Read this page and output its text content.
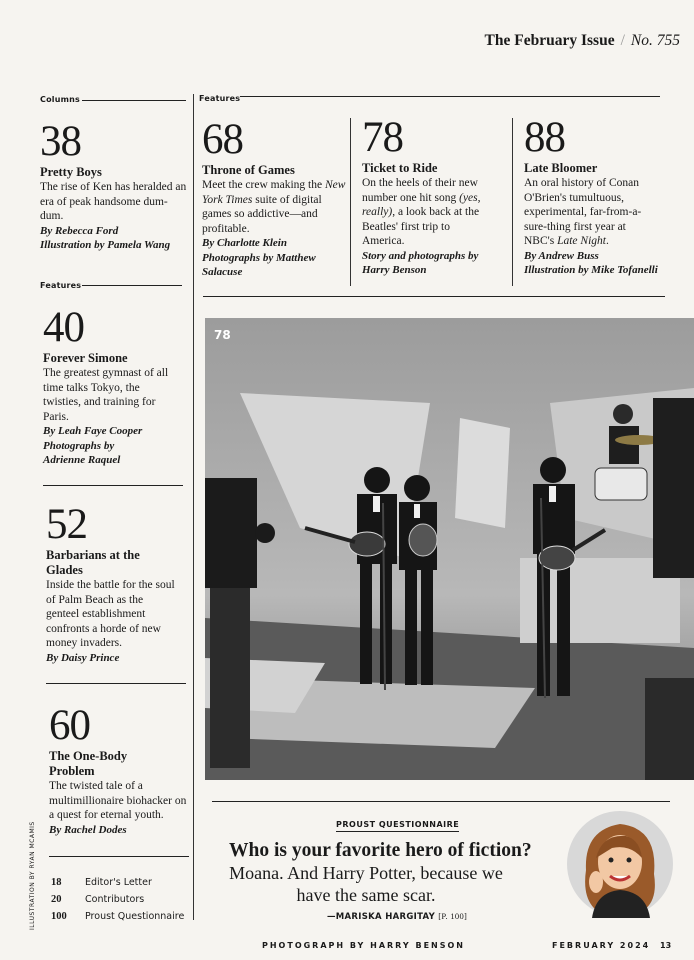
The February Issue / No. 755
Columns	Features
38
Pretty Boys
The rise of Ken has heralded an era of peak handsome dum-dum.
By Rebecca Ford
Illustration by Pamela Wang
Features
40
Forever Simone
The greatest gymnast of all time talks Tokyo, the twisties, and training for Paris.
By Leah Faye Cooper
Photographs by Adrienne Raquel
52
Barbarians at the Glades
Inside the battle for the soul of Palm Beach as the genteel establishment confronts a horde of new money invaders.
By Daisy Prince
60
The One-Body Problem
The twisted tale of a multimillionaire biohacker on a quest for eternal youth.
By Rachel Dodes
68
Throne of Games
Meet the crew making the New York Times suite of digital games so addictive—and profitable.
By Charlotte Klein
Photographs by Matthew Salacuse
78
Ticket to Ride
On the heels of their new number one hit song (yes, really), a look back at the Beatles' first trip to America.
Story and photographs by Harry Benson
88
Late Bloomer
An oral history of Conan O'Brien's tumultuous, experimental, far-from-a-sure-thing first year at NBC's Late Night.
By Andrew Buss
Illustration by Mike Tofanelli
78
PROUST QUESTIONNAIRE
Who is your favorite hero of fiction?
Moana. And Harry Potter, because we have the same scar.
—MARISKA HARGITAY [P. 100]
18 Editor's Letter
20 Contributors
100 Proust Questionnaire
ILLUSTRATION BY RYAN MCAMIS
PHOTOGRAPH BY HARRY BENSON	FEBRUARY 2024 13
